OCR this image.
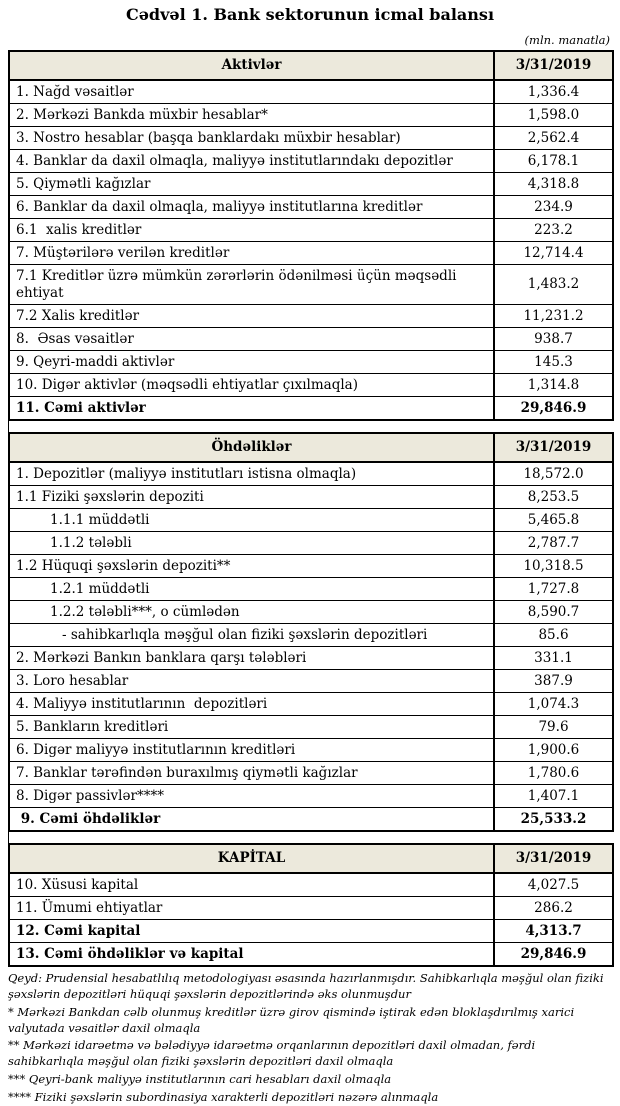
Cədvəl 1. Bank sektorunun icmal balansı
(mln. manatla)
Aktivlər	3/31/2019
1. Nağd vəsaitlər	1,336.4
2. Mərkəzi Bankda müxbir hesablar*	1,598.0
3. Nostro hesablar (başqa banklardakı müxbir hesablar)	2,562.4
4. Banklar da daxil olmaqla, maliyyə institutlarındakı depozitlər	6,178.1
5. Qiymətli kağızlar	4,318.8
6. Banklar da daxil olmaqla, maliyyə institutlarına kreditlər	234.9
6.1  xalis kreditlər	223.2
7. Müştərilərə verilən kreditlər	12,714.4
7.1 Kreditlər üzrə mümkün zərərlərin ödənilməsi üçün məqsədli ehtiyat	1,483.2
7.2 Xalis kreditlər	11,231.2
8.  Əsas vəsaitlər	938.7
9. Qeyri-maddi aktivlər	145.3
10. Digər aktivlər (məqsədli ehtiyatlar çıxılmaqla)	1,314.8
11. Cəmi aktivlər	29,846.9
Öhdəliklər	3/31/2019
1. Depozitlər (maliyyə institutları istisna olmaqla)	18,572.0
1.1 Fiziki şəxslərin depoziti	8,253.5
1.1.1 müddətli	5,465.8
1.1.2 tələbli	2,787.7
1.2 Hüquqi şəxslərin depoziti**	10,318.5
1.2.1 müddətli	1,727.8
1.2.2 tələbli***, o cümlədən	8,590.7
- sahibkarlıqla məşğul olan fiziki şəxslərin depozitləri	85.6
2. Mərkəzi Bankın banklara qarşı tələbləri	331.1
3. Loro hesablar	387.9
4. Maliyyə institutlarının  depozitləri	1,074.3
5. Bankların kreditləri	79.6
6. Digər maliyyə institutlarının kreditləri	1,900.6
7. Banklar tərəfindən buraxılmış qiymətli kağızlar	1,780.6
8. Digər passivlər****	1,407.1
9. Cəmi öhdəliklər	25,533.2
KAPİTAL	3/31/2019
10. Xüsusi kapital	4,027.5
11. Ümumi ehtiyatlar	286.2
12. Cəmi kapital	4,313.7
13. Cəmi öhdəliklər və kapital	29,846.9

Qeyd: Prudensial hesabatlılıq metodologiyası əsasında hazırlanmışdır. Sahibkarlıqla məşğul olan fiziki şəxslərin depozitləri hüquqi şəxslərin depozitlərində əks olunmuşdur

* Mərkəzi Bankdan cəlb olunmuş kreditlər üzrə girov qismində iştirak edən bloklaşdırılmış xarici valyutada vəsaitlər daxil olmaqla

** Mərkəzi idarəetmə və bələdiyyə idarəetmə orqanlarının depozitləri daxil olmadan, fərdi sahibkarlıqla məşğul olan fiziki şəxslərin depozitləri daxil olmaqla

*** Qeyri-bank maliyyə institutlarının cari hesabları daxil olmaqla

**** Fiziki şəxslərin subordinasiya xarakterli depozitləri nəzərə alınmaqla
